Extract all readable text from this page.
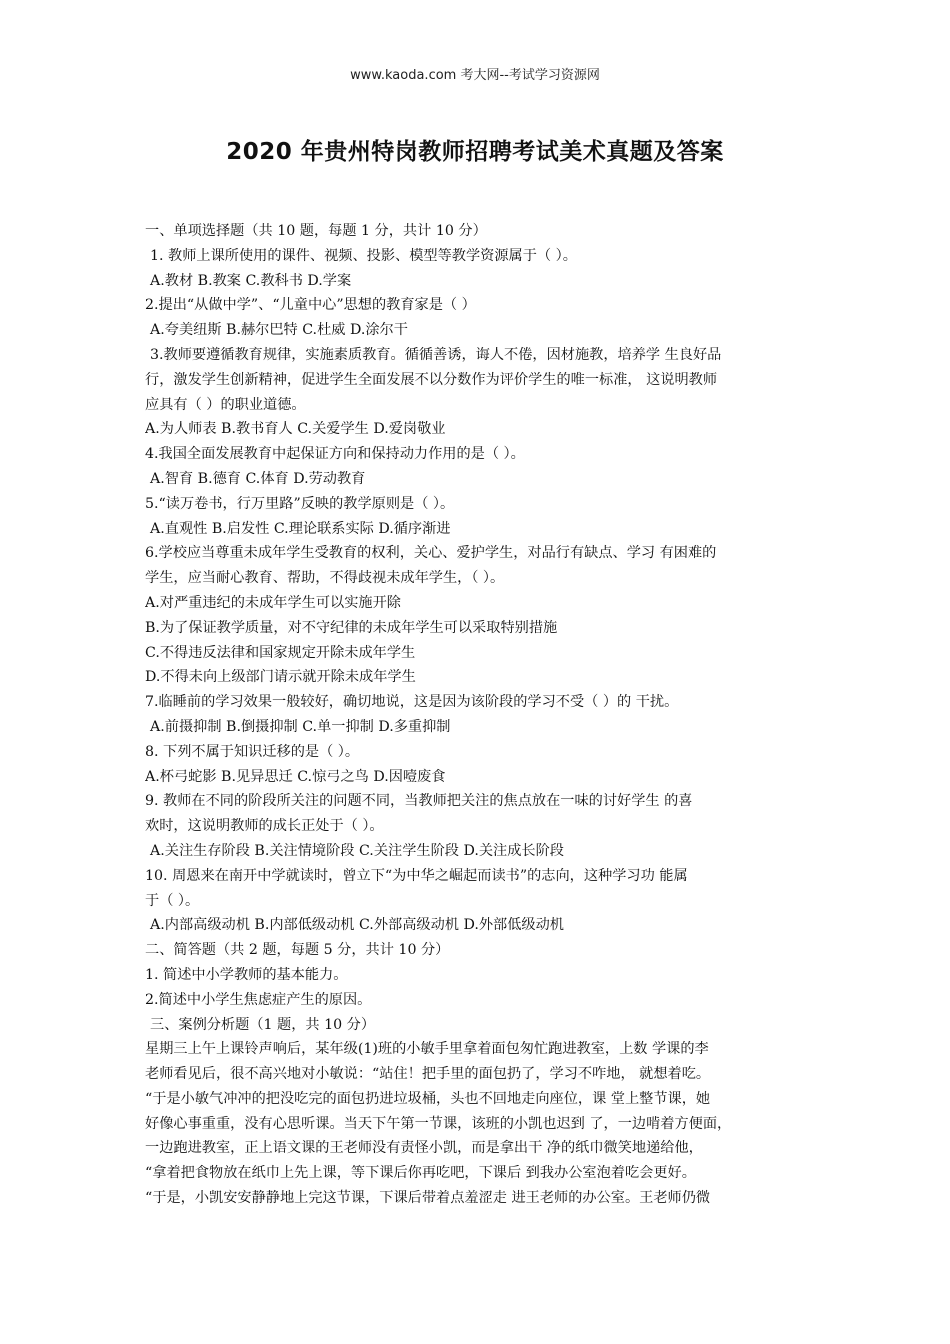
www.kaoda.com 考大网--考试学习资源网
2020 年贵州特岗教师招聘考试美术真题及答案
一、单项选择题（共 10 题，每题 1 分，共计 10 分）
1. 教师上课所使用的课件、视频、投影、模型等教学资源属于（ ）。
A.教材 B.教案 C.教科书 D.学案
2.提出“从做中学”、“儿童中心”思想的教育家是（ ）
A.夸美纽斯 B.赫尔巴特 C.杜威 D.涂尔干
3.教师要遵循教育规律，实施素质教育。循循善诱，诲人不倦，因材施教，培养学 生良好品
行，激发学生创新精神，促进学生全面发展不以分数作为评价学生的唯一标准， 这说明教师
应具有（ ）的职业道德。
A.为人师表 B.教书育人 C.关爱学生 D.爱岗敬业
4.我国全面发展教育中起保证方向和保持动力作用的是（ ）。
A.智育 B.德育 C.体育 D.劳动教育
5.“读万卷书，行万里路”反映的教学原则是（ ）。
A.直观性 B.启发性 C.理论联系实际 D.循序渐进
6.学校应当尊重未成年学生受教育的权利，关心、爱护学生，对品行有缺点、学习 有困难的
学生，应当耐心教育、帮助，不得歧视未成年学生，（ ）。
A.对严重违纪的未成年学生可以实施开除
B.为了保证教学质量，对不守纪律的未成年学生可以采取特别措施
C.不得违反法律和国家规定开除未成年学生
D.不得未向上级部门请示就开除未成年学生
7.临睡前的学习效果一般较好，确切地说，这是因为该阶段的学习不受（ ）的 干扰。
A.前摄抑制 B.倒摄抑制 C.单一抑制 D.多重抑制
8. 下列不属于知识迁移的是（ ）。
A.杯弓蛇影 B.见异思迁 C.惊弓之鸟 D.因噎废食
9. 教师在不同的阶段所关注的问题不同，当教师把关注的焦点放在一味的讨好学生 的喜
欢时，这说明教师的成长正处于（ ）。
A.关注生存阶段 B.关注情境阶段 C.关注学生阶段 D.关注成长阶段
10. 周恩来在南开中学就读时，曾立下“为中华之崛起而读书”的志向，这种学习功 能属
于（ ）。
A.内部高级动机 B.内部低级动机 C.外部高级动机 D.外部低级动机
二、简答题（共 2 题，每题 5 分，共计 10 分）
1. 简述中小学教师的基本能力。
2.简述中小学生焦虑症产生的原因。
三、案例分析题（1 题，共 10 分）
星期三上午上课铃声响后，某年级(1)班的小敏手里拿着面包匆忙跑进教室，上数 学课的李
老师看见后，很不高兴地对小敏说：“站住！把手里的面包扔了，学习不咋地， 就想着吃。
“于是小敏气冲冲的把没吃完的面包扔进垃圾桶，头也不回地走向座位，课 堂上整节课，她
好像心事重重，没有心思听课。当天下午第一节课，该班的小凯也迟到 了，一边啃着方便面，
一边跑进教室，正上语文课的王老师没有责怪小凯，而是拿出干 净的纸巾微笑地递给他，
“拿着把食物放在纸巾上先上课，等下课后你再吃吧，下课后 到我办公室泡着吃会更好。
“于是，小凯安安静静地上完这节课，下课后带着点羞涩走 进王老师的办公室。王老师仍微
